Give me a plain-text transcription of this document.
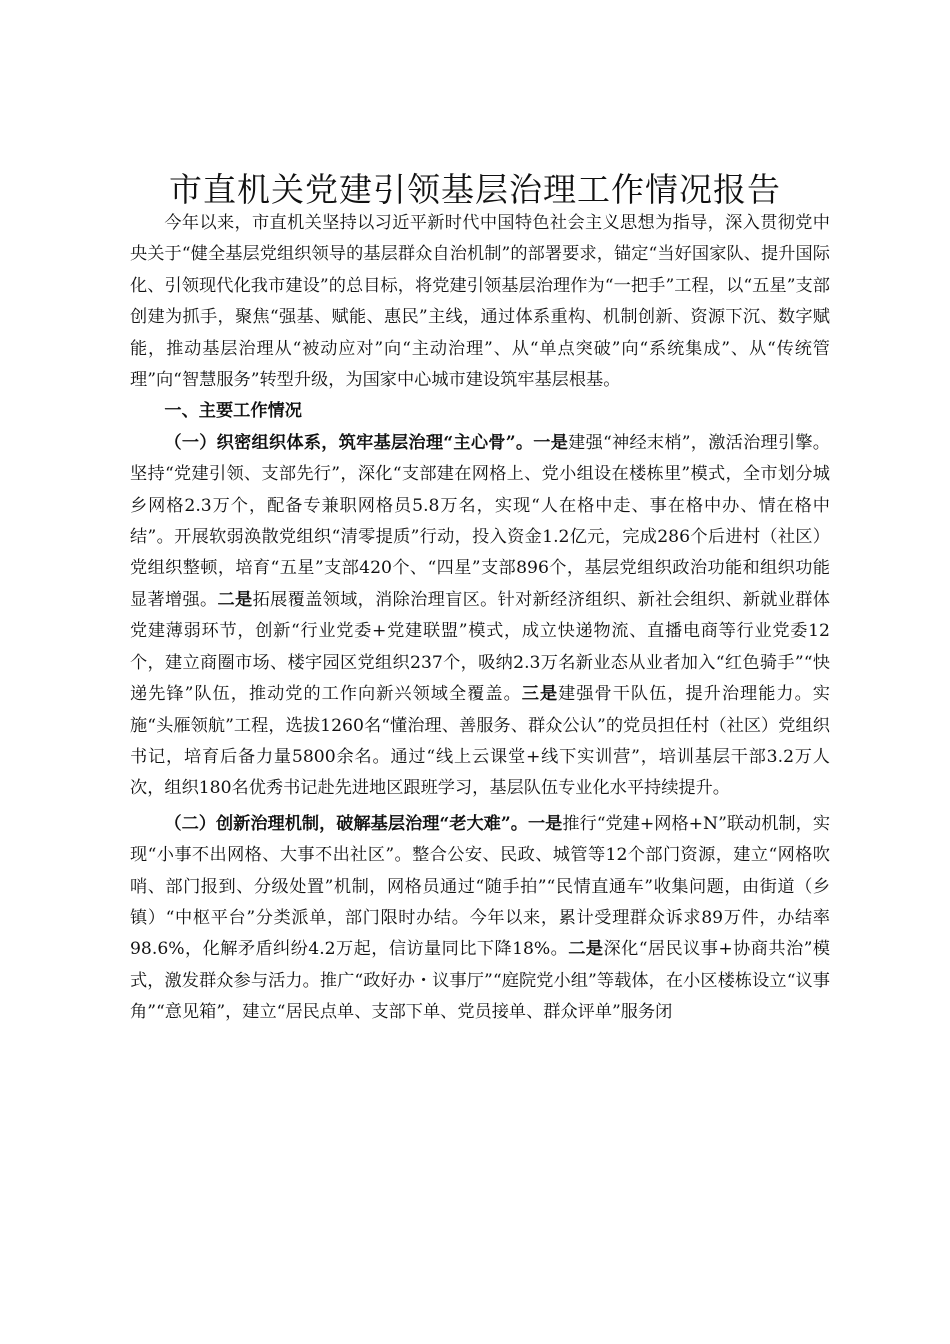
市直机关党建引领基层治理工作情况报告

今年以来，市直机关坚持以习近平新时代中国特色社会主义思想为指导，深入贯彻党中央关于“健全基层党组织领导的基层群众自治机制”的部署要求，锚定“当好国家队、提升国际化、引领现代化我市建设”的总目标，将党建引领基层治理作为“一把手”工程，以“五星”支部创建为抓手，聚焦“强基、赋能、惠民”主线，通过体系重构、机制创新、资源下沉、数字赋能，推动基层治理从“被动应对”向“主动治理”、从“单点突破”向“系统集成”、从“传统管理”向“智慧服务”转型升级，为国家中心城市建设筑牢基层根基。

一、主要工作情况

（一）织密组织体系，筑牢基层治理“主心骨”。一是建强“神经末梢”，激活治理引擎。坚持“党建引领、支部先行”，深化“支部建在网格上、党小组设在楼栋里”模式，全市划分城乡网格2.3万个，配备专兼职网格员5.8万名，实现“人在格中走、事在格中办、情在格中结”。开展软弱涣散党组织“清零提质”行动，投入资金1.2亿元，完成286个后进村（社区）党组织整顿，培育“五星”支部420个、“四星”支部896个，基层党组织政治功能和组织功能显著增强。二是拓展覆盖领域，消除治理盲区。针对新经济组织、新社会组织、新就业群体党建薄弱环节，创新“行业党委+党建联盟”模式，成立快递物流、直播电商等行业党委12个，建立商圈市场、楼宇园区党组织237个，吸纳2.3万名新业态从业者加入“红色骑手”“快递先锋”队伍，推动党的工作向新兴领域全覆盖。三是建强骨干队伍，提升治理能力。实施“头雁领航”工程，选拔1260名“懂治理、善服务、群众公认”的党员担任村（社区）党组织书记，培育后备力量5800余名。通过“线上云课堂+线下实训营”，培训基层干部3.2万人次，组织180名优秀书记赴先进地区跟班学习，基层队伍专业化水平持续提升。

（二）创新治理机制，破解基层治理“老大难”。一是推行“党建+网格+N”联动机制，实现“小事不出网格、大事不出社区”。整合公安、民政、城管等12个部门资源，建立“网格吹哨、部门报到、分级处置”机制，网格员通过“随手拍”“民情直通车”收集问题，由街道（乡镇）“中枢平台”分类派单，部门限时办结。今年以来，累计受理群众诉求89万件，办结率98.6%，化解矛盾纠纷4.2万起，信访量同比下降18%。二是深化“居民议事+协商共治”模式，激发群众参与活力。推广“政好办・议事厅”“庭院党小组”等载体，在小区楼栋设立“议事角”“意见箱”，建立“居民点单、支部下单、党员接单、群众评单”服务闭
